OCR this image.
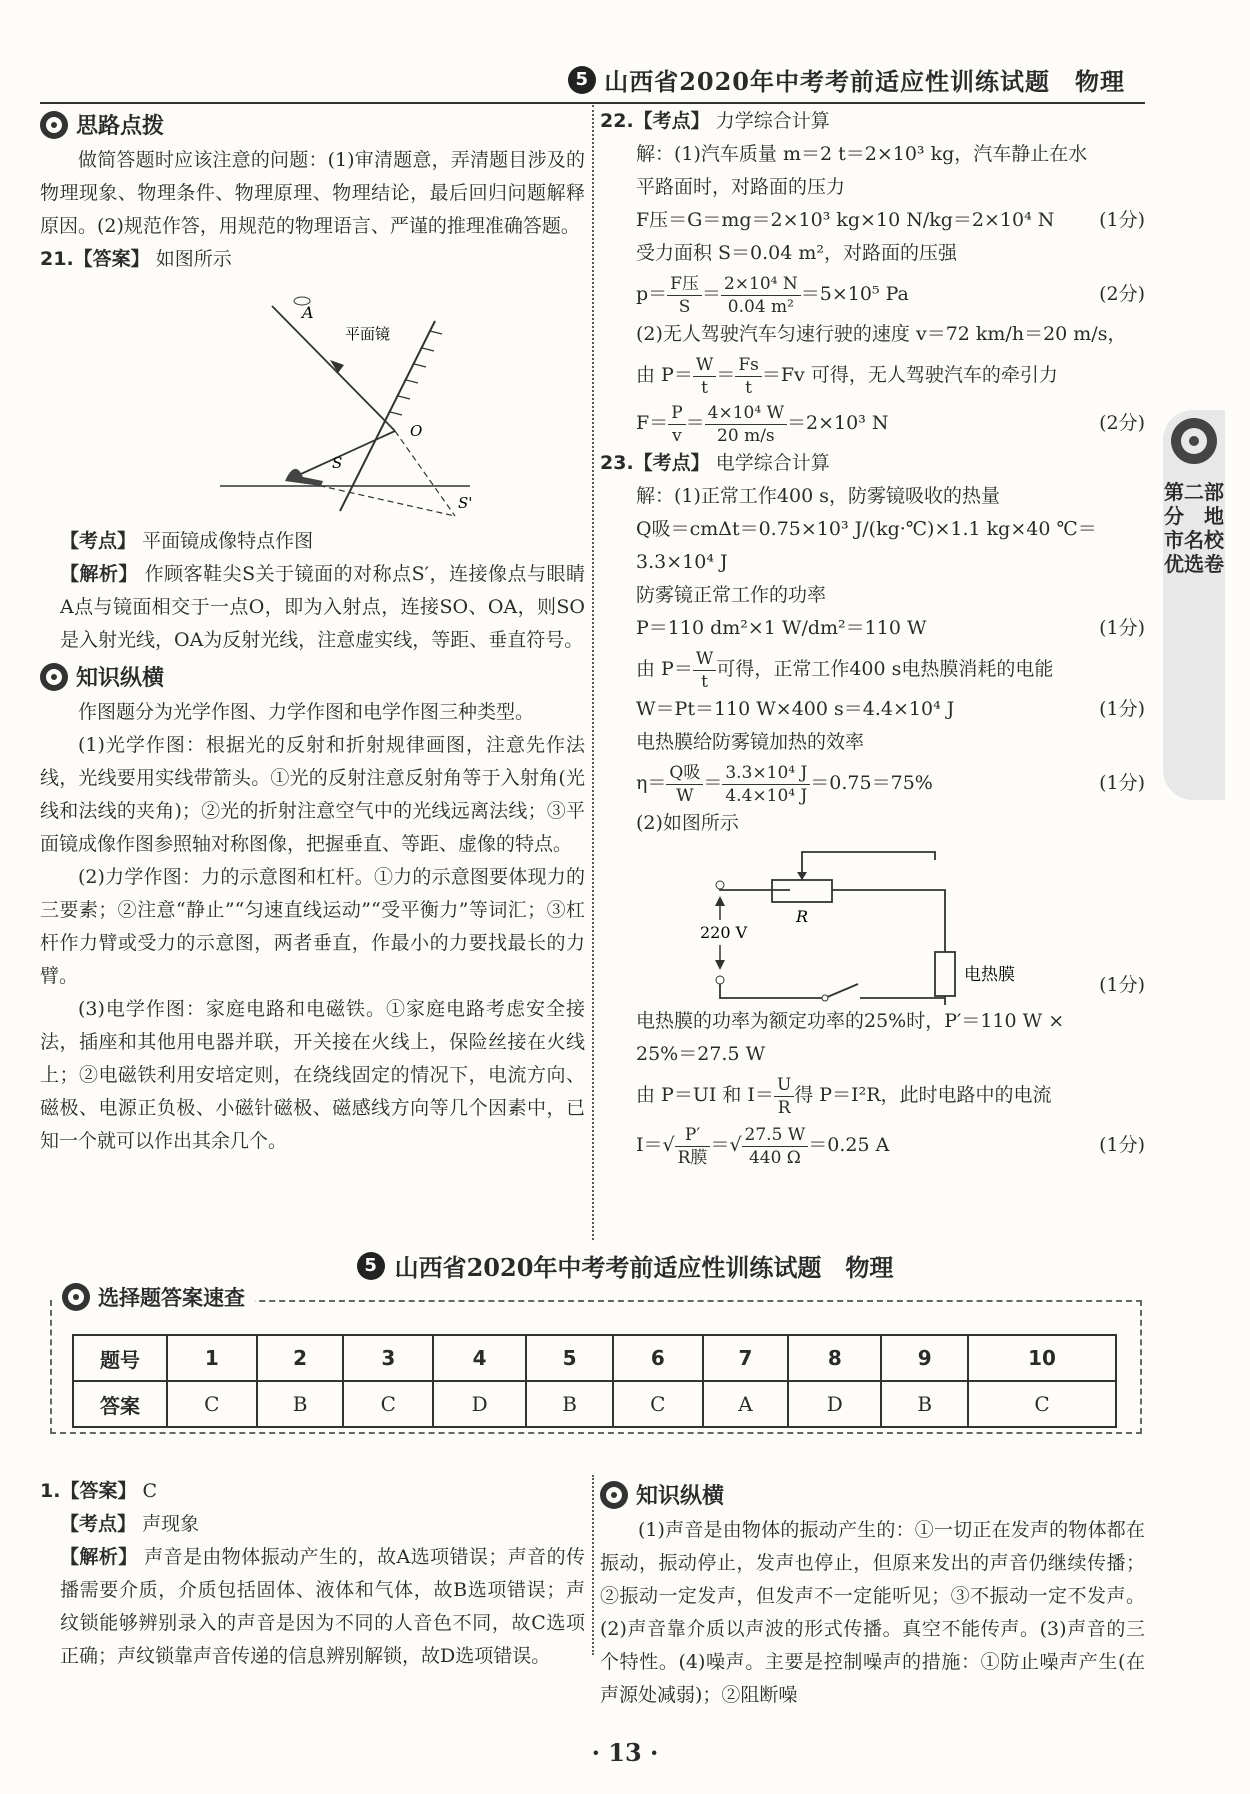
5 山西省2020年中考考前适应性训练试题　物理
思路点拨

做简答题时应该注意的问题：(1)审清题意，弄清题目涉及的物理现象、物理条件、物理原理、物理结论，最后回归问题解释原因。(2)规范作答，用规范的物理语言、严谨的推理准确答题。

21.【答案】 如图所示

A
平面镜
O
S
S'

【考点】 平面镜成像特点作图

【解析】 作顾客鞋尖S关于镜面的对称点S′，连接像点与眼睛A点与镜面相交于一点O，即为入射点，连接SO、OA，则SO是入射光线，OA为反射光线，注意虚实线，等距、垂直符号。

知识纵横

作图题分为光学作图、力学作图和电学作图三种类型。

(1)光学作图：根据光的反射和折射规律画图，注意先作法线，光线要用实线带箭头。①光的反射注意反射角等于入射角(光线和法线的夹角)；②光的折射注意空气中的光线远离法线；③平面镜成像作图参照轴对称图像，把握垂直、等距、虚像的特点。

(2)力学作图：力的示意图和杠杆。①力的示意图要体现力的三要素；②注意“静止”“匀速直线运动”“受平衡力”等词汇；③杠杆作力臂或受力的示意图，两者垂直，作最小的力要找最长的力臂。

(3)电学作图：家庭电路和电磁铁。①家庭电路考虑安全接法，插座和其他用电器并联，开关接在火线上，保险丝接在火线上；②电磁铁利用安培定则，在绕线固定的情况下，电流方向、磁极、电源正负极、小磁针磁极、磁感线方向等几个因素中，已知一个就可以作出其余几个。

22.【考点】 力学综合计算

解：(1)汽车质量 m＝2 t＝2×10³ kg，汽车静止在水

平路面时，对路面的压力

F压＝G＝mg＝2×10³ kg×10 N/kg＝2×10⁴ N (1分)

受力面积 S＝0.04 m²，对路面的压强

$p= \frac{\text{F压}}{S} = \frac{\text{2×10⁴ N}}{\text{0.04 m²}} =5\times 10^5$ Pa	(2分)

(2)无人驾驶汽车匀速行驶的速度 v＝72 km/h＝20 m/s，

由 $P= \frac{W}{t} = \frac{Fs}{t} =Fv$ 可得，无人驾驶汽车的牵引力

$F= \frac{P}{v} = \frac{\text{4×10⁴ W}}{20 m/s} =2\times 10^3$ N	(2分)

23.【考点】 电学综合计算

解：(1)正常工作400 s，防雾镜吸收的热量

Q吸＝cmΔt＝0.75×10³ J/(kg·℃)×1.1 kg×40 ℃＝

3.3×10⁴ J

防雾镜正常工作的功率

P＝110 dm²×1 W/dm²＝110 W	(1分)

由 $P= \frac{W}{t}$ 可得，正常工作400 s电热膜消耗的电能

W＝Pt＝110 W×400 s＝4.4×10⁴ J	(1分)

电热膜给防雾镜加热的效率

$\eta= \frac{\text{Q吸}}{W} = \frac{\text{3.3×10⁴ J}}{\text{4.4×10⁴ J}} =0.75=75\%$	(1分)

(2)如图所示

R
220 V
电热膜	(1分)

电热膜的功率为额定功率的25%时，P′＝110 W ×

25%＝27.5 W

由 P＝UI 和 $I= \frac{U}{R}$ 得 P＝I²R，此时电路中的电流

$I=√ \frac{P'}{\text{R膜}}$ ＝√ $\frac{27.5 W}{440 \Omega} =0.25$ A	(1分)

第二部分　地市名校　优选卷
5 山西省2020年中考考前适应性训练试题　物理
选择题答案速查
题号	1	2	3	4	5	6	7	8	9	10
答案	C	B	C	D	B	C	A	D	B	C

1.【答案】 C

【考点】 声现象

【解析】 声音是由物体振动产生的，故A选项错误；声音的传播需要介质，介质包括固体、液体和气体，故B选项错误；声纹锁能够辨别录入的声音是因为不同的人音色不同，故C选项正确；声纹锁靠声音传递的信息辨别解锁，故D选项错误。

知识纵横

(1)声音是由物体的振动产生的：①一切正在发声的物体都在振动，振动停止，发声也停止，但原来发出的声音仍继续传播；②振动一定发声，但发声不一定能听见；③不振动一定不发声。(2)声音靠介质以声波的形式传播。真空不能传声。(3)声音的三个特性。(4)噪声。主要是控制噪声的措施：①防止噪声产生(在声源处减弱)；②阻断噪

· 13 ·
